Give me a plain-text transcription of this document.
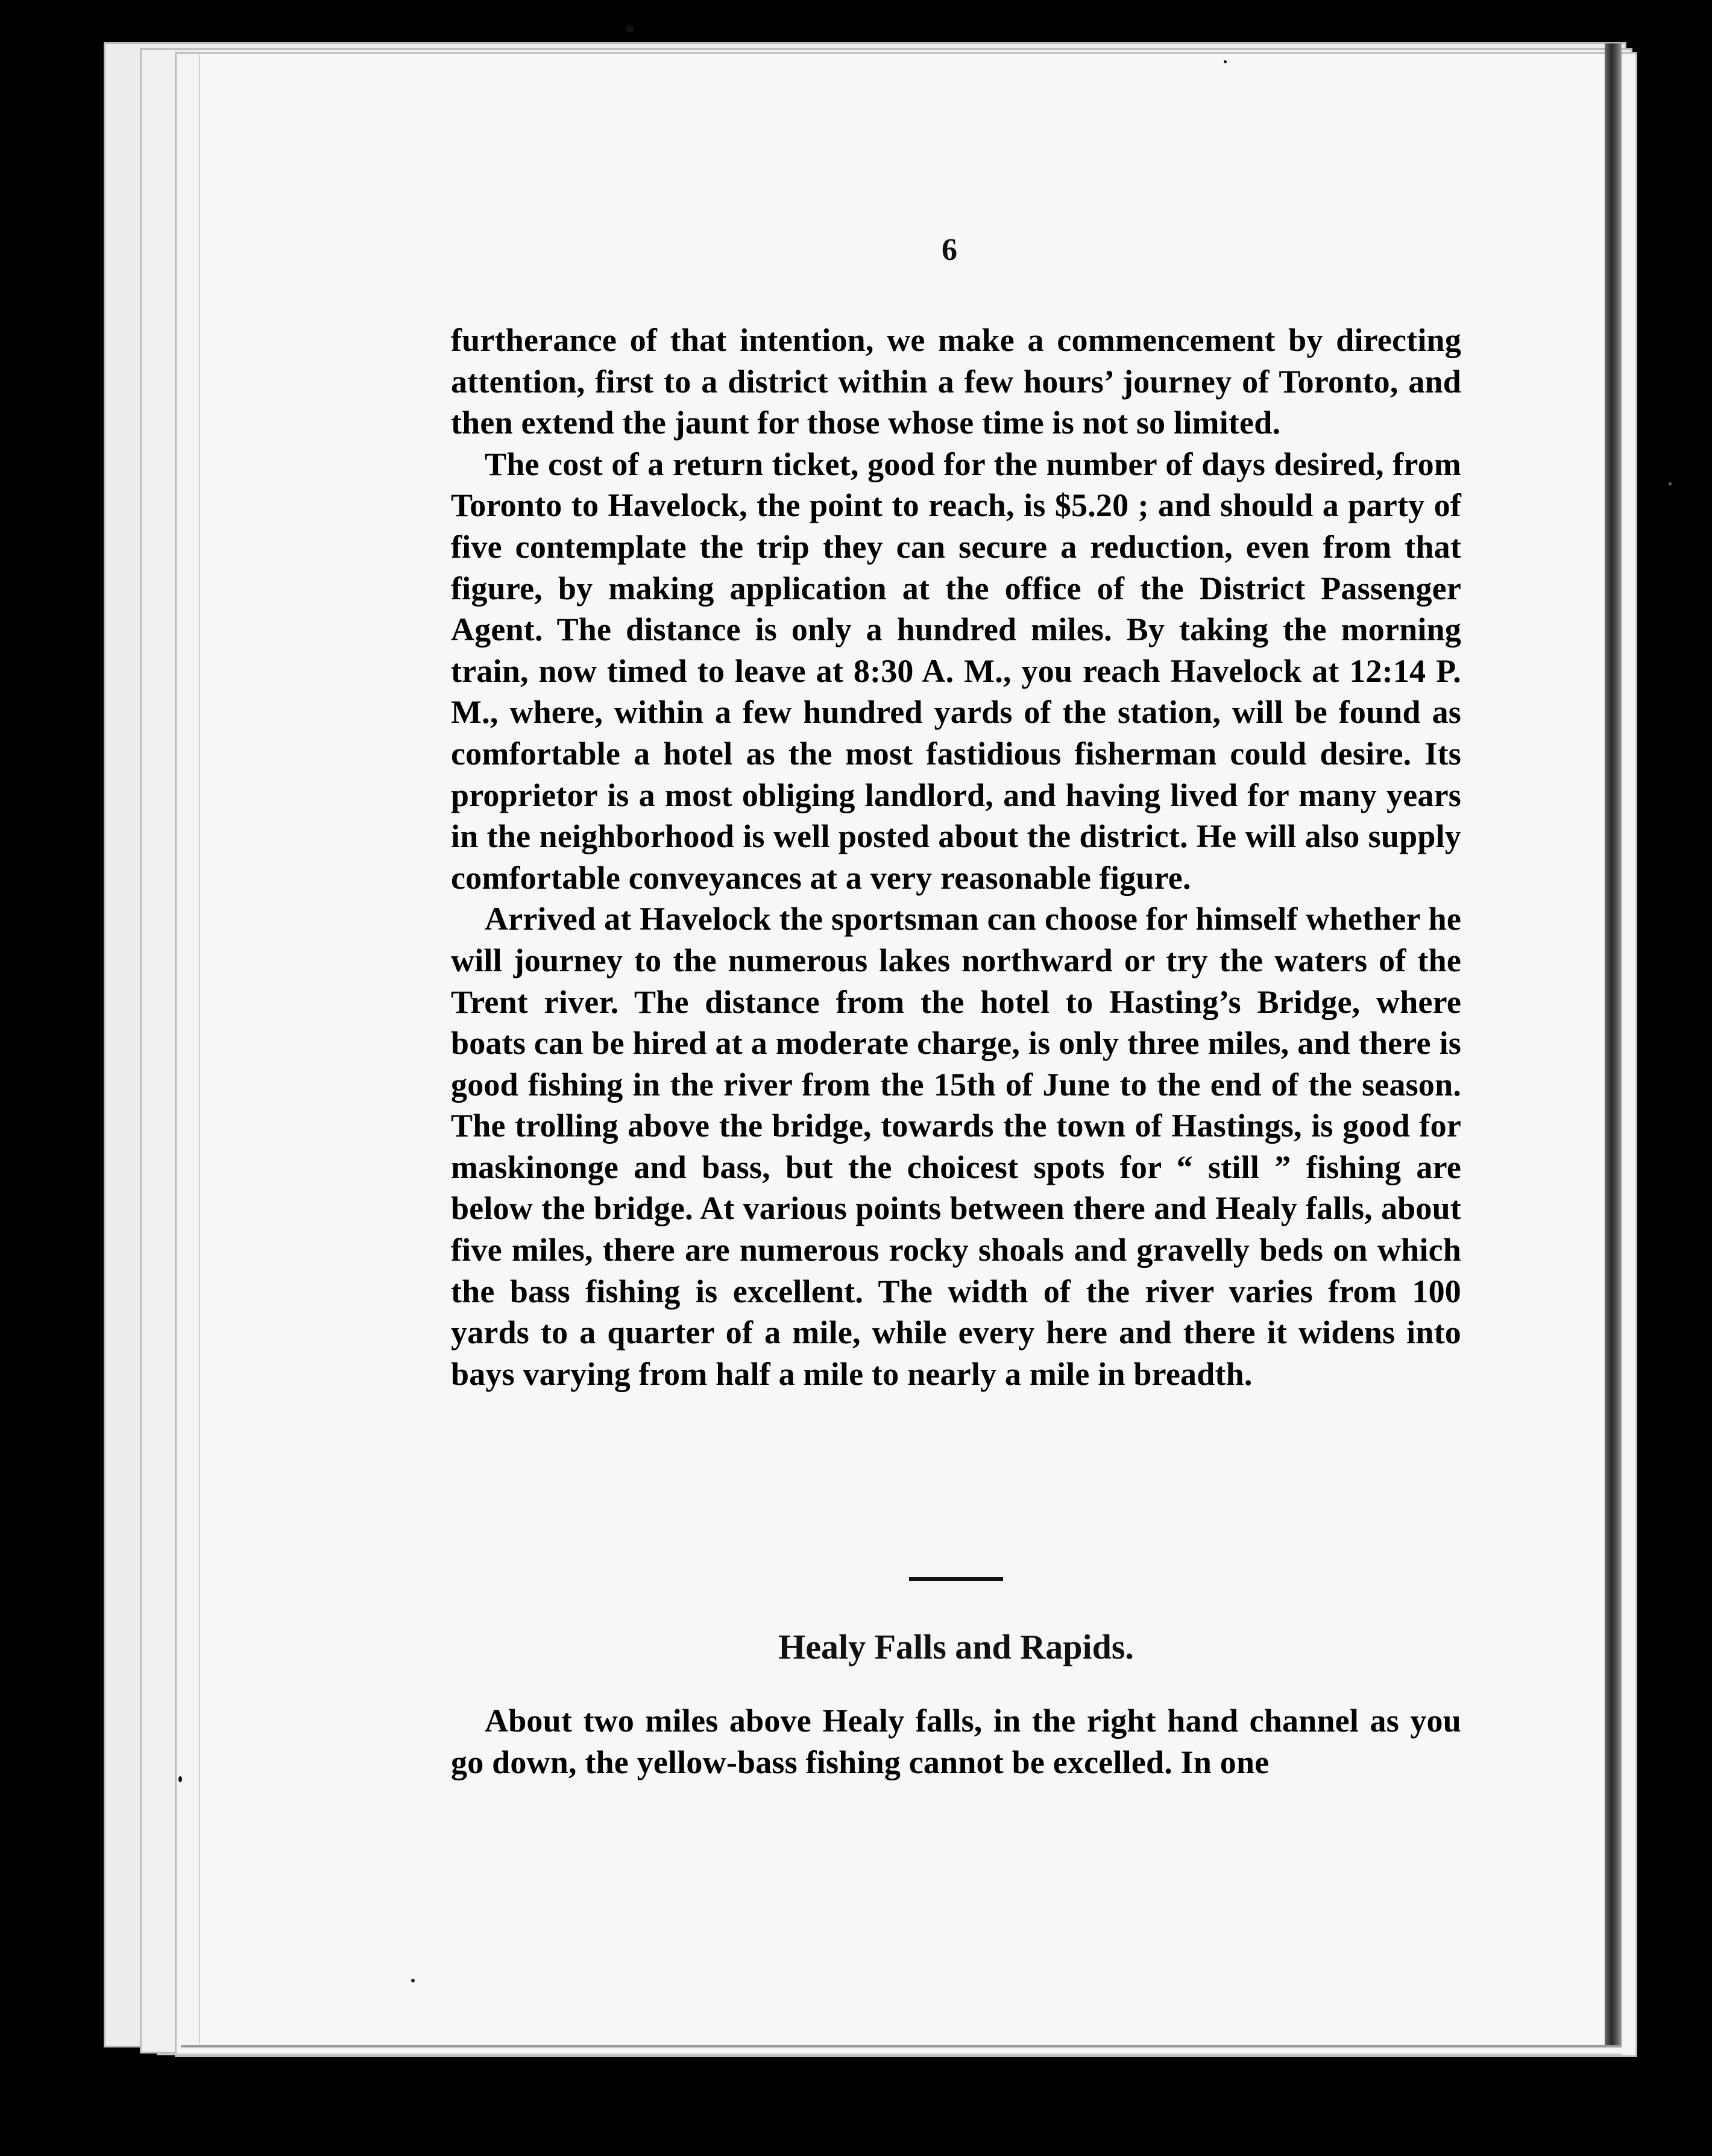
6

furtherance of that intention, we make a commencement by directing attention, first to a district within a few hours’ journey of Toronto, and then extend the jaunt for those whose time is not so limited.

The cost of a return ticket, good for the number of days desired, from Toronto to Havelock, the point to reach, is $5.20 ; and should a party of five contemplate the trip they can secure a reduction, even from that figure, by making application at the office of the District Passenger Agent. The distance is only a hundred miles. By taking the morning train, now timed to leave at 8:30 A. M., you reach Havelock at 12:14 P. M., where, within a few hundred yards of the station, will be found as comfortable a hotel as the most fastidious fisherman could desire. Its proprietor is a most obliging landlord, and having lived for many years in the neighborhood is well posted about the district. He will also supply comfortable conveyances at a very reasonable figure.

Arrived at Havelock the sportsman can choose for himself whether he will journey to the numerous lakes northward or try the waters of the Trent river. The distance from the hotel to Hasting’s Bridge, where boats can be hired at a moderate charge, is only three miles, and there is good fishing in the river from the 15th of June to the end of the season. The trolling above the bridge, towards the town of Hastings, is good for maskinonge and bass, but the choicest spots for “ still ” fishing are below the bridge. At various points between there and Healy falls, about five miles, there are numerous rocky shoals and gravelly beds on which the bass fishing is excellent. The width of the river varies from 100 yards to a quarter of a mile, while every here and there it widens into bays varying from half a mile to nearly a mile in breadth.

Healy Falls and Rapids.

About two miles above Healy falls, in the right hand channel as you go down, the yellow-bass fishing cannot be excelled. In one
